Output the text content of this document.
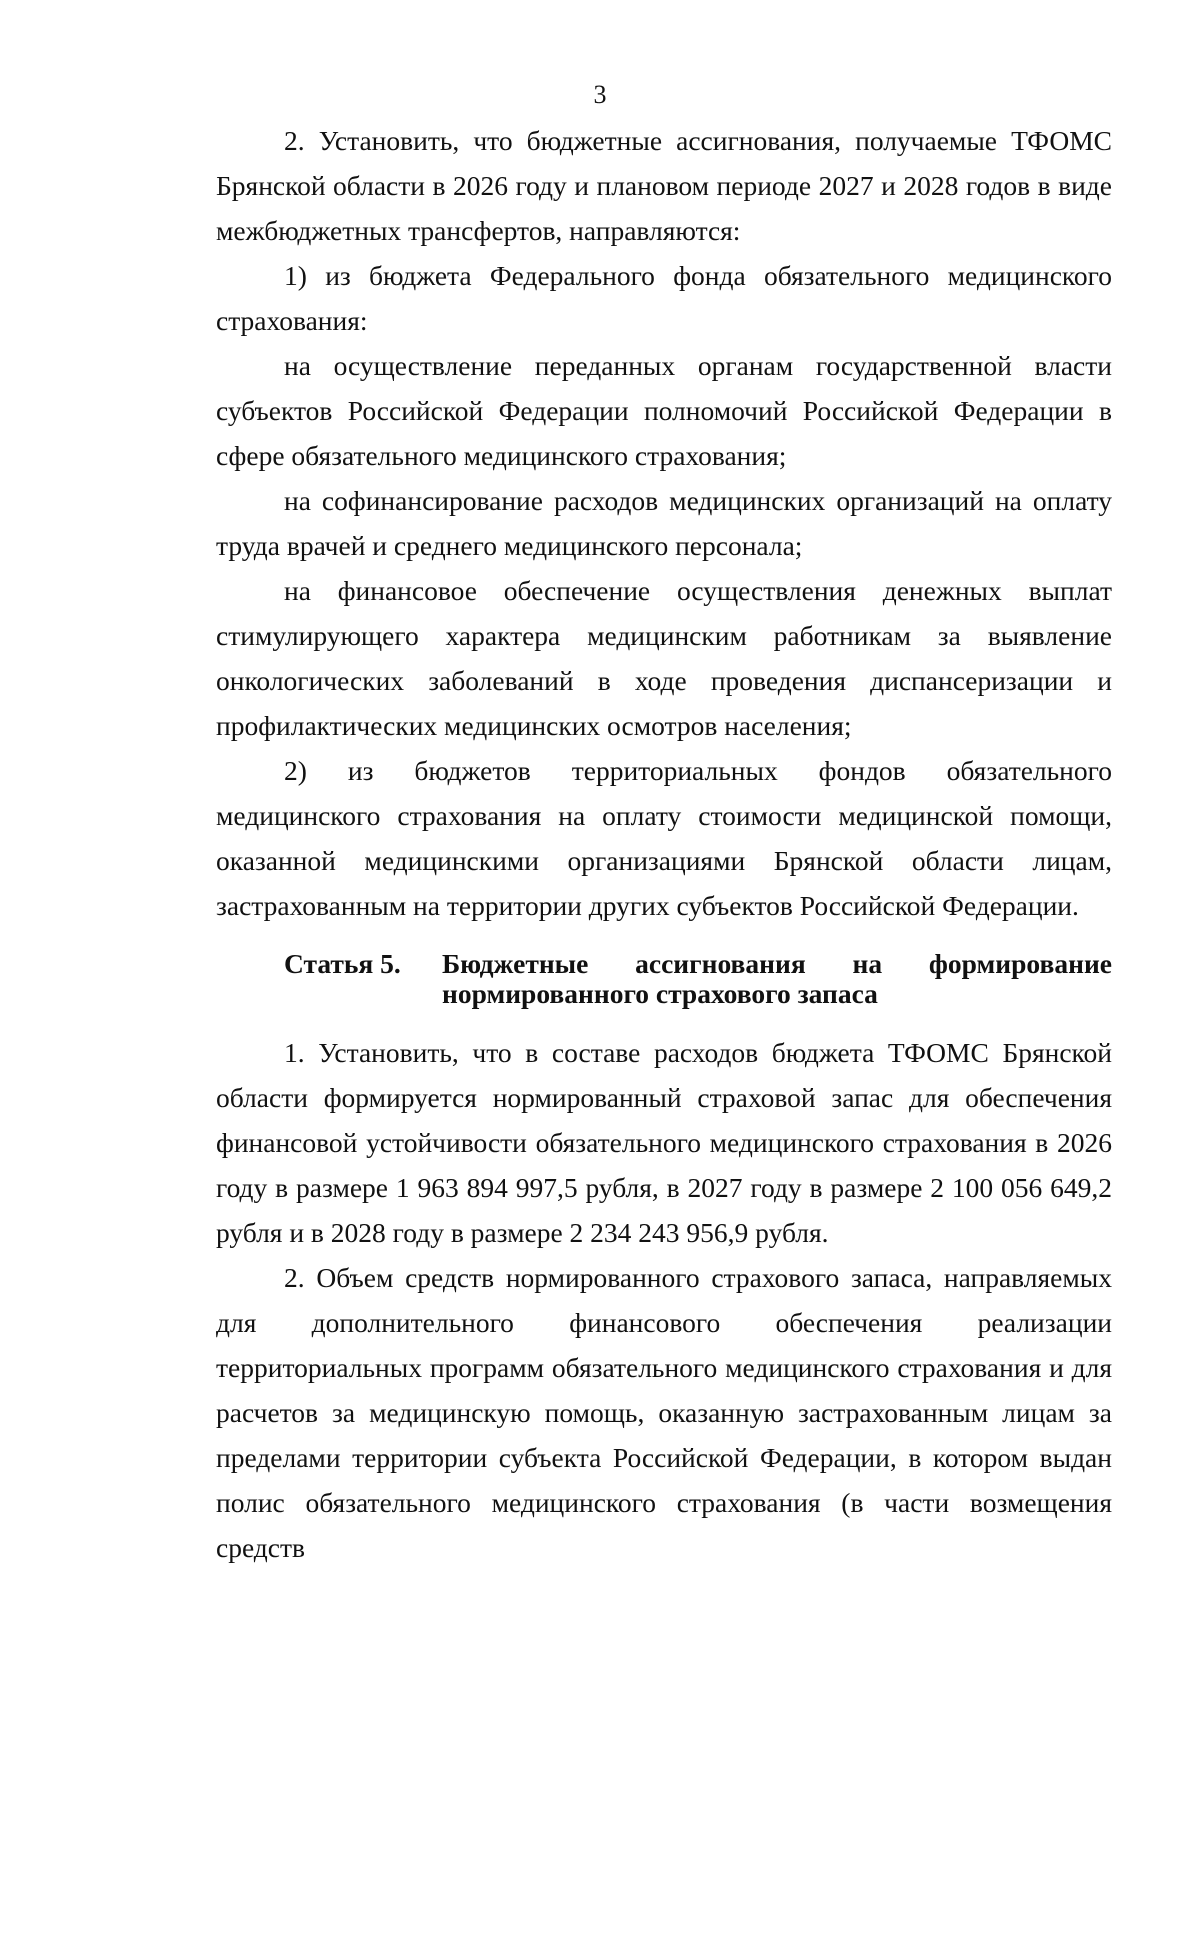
3

2. Установить, что бюджетные ассигнования, получаемые ТФОМС Брянской области в 2026 году и плановом периоде 2027 и 2028 годов в виде межбюджетных трансфертов, направляются:

1) из бюджета Федерального фонда обязательного медицинского страхования:

на осуществление переданных органам государственной власти субъектов Российской Федерации полномочий Российской Федерации в сфере обязательного медицинского страхования;

на софинансирование расходов медицинских организаций на оплату труда врачей и среднего медицинского персонала;

на финансовое обеспечение осуществления денежных выплат стимулирующего характера медицинским работникам за выявление онкологических заболеваний в ходе проведения диспансеризации и профилактических медицинских осмотров населения;

2) из бюджетов территориальных фондов обязательного медицинского страхования на оплату стоимости медицинской помощи, оказанной медицинскими организациями Брянской области лицам, застрахованным на территории других субъектов Российской Федерации.

Статья 5. Бюджетные ассигнования на формирование
нормированного страхового запаса

1. Установить, что в составе расходов бюджета ТФОМС Брянской области формируется нормированный страховой запас для обеспечения финансовой устойчивости обязательного медицинского страхования в 2026 году в размере 1 963 894 997,5 рубля, в 2027 году в размере 2 100 056 649,2 рубля и в 2028 году в размере 2 234 243 956,9 рубля.

2. Объем средств нормированного страхового запаса, направляемых для дополнительного финансового обеспечения реализации территориальных программ обязательного медицинского страхования и для расчетов за медицинскую помощь, оказанную застрахованным лицам за пределами территории субъекта Российской Федерации, в котором выдан полис обязательного медицинского страхования (в части возмещения средств
